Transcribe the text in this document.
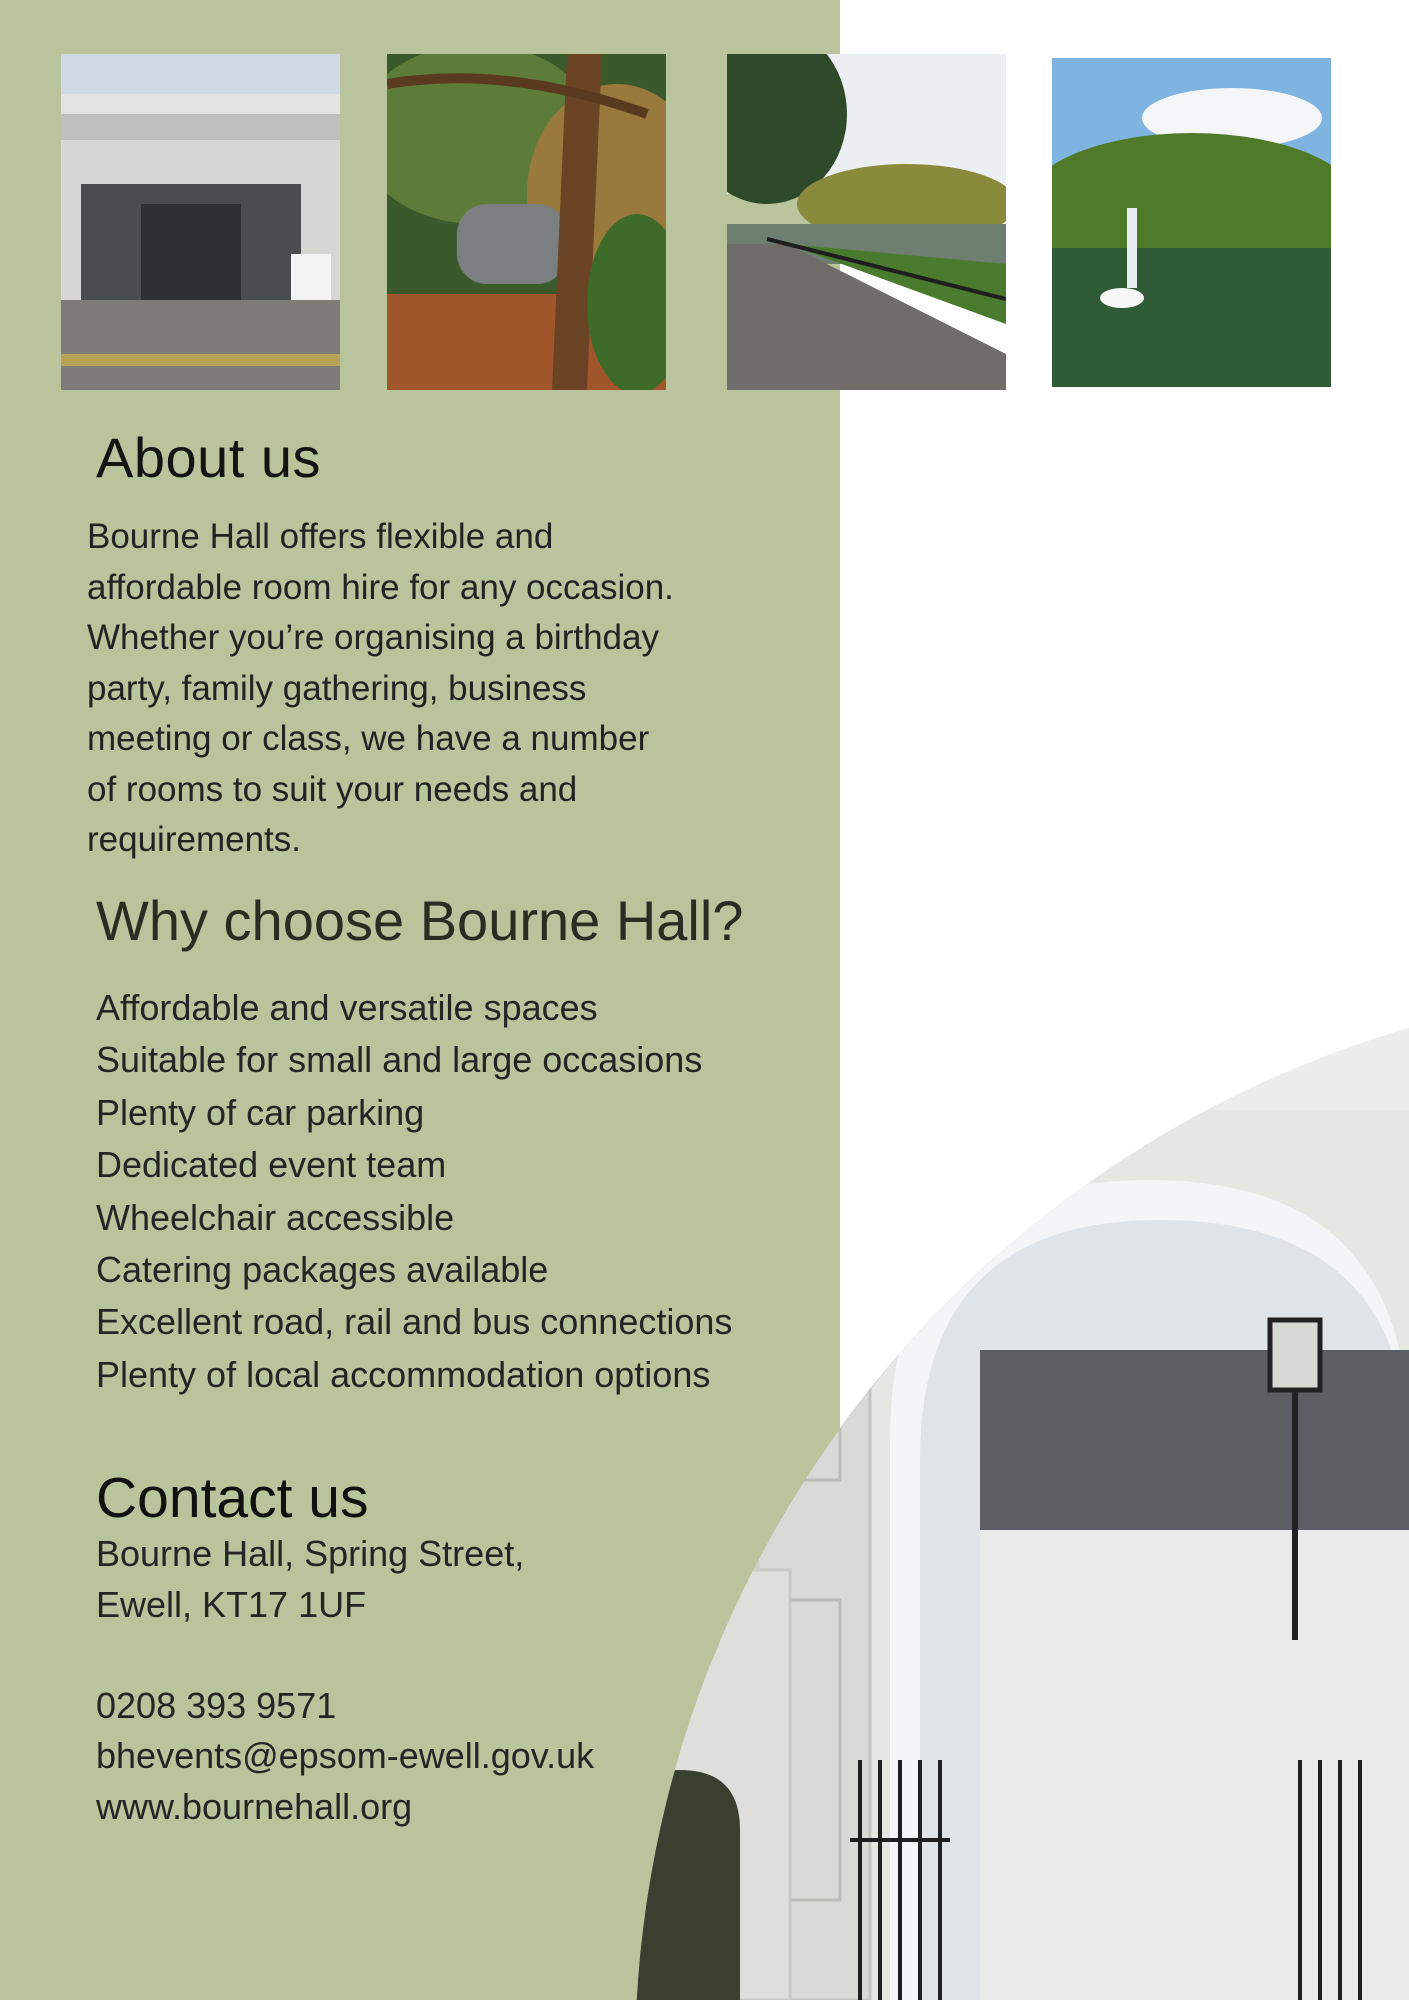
About us
Bourne Hall offers flexible and
affordable room hire for any occasion.
Whether you’re organising a birthday
party, family gathering, business
meeting or class, we have a number
of rooms to suit your needs and
requirements.
Why choose Bourne Hall?
Affordable and versatile spaces
Suitable for small and large occasions
Plenty of car parking
Dedicated event team
Wheelchair accessible
Catering packages available
Excellent road, rail and bus connections
Plenty of local accommodation options
Contact us
Bourne Hall, Spring Street,
Ewell, KT17 1UF
0208 393 9571
bhevents@epsom-ewell.gov.uk
www.bournehall.org
